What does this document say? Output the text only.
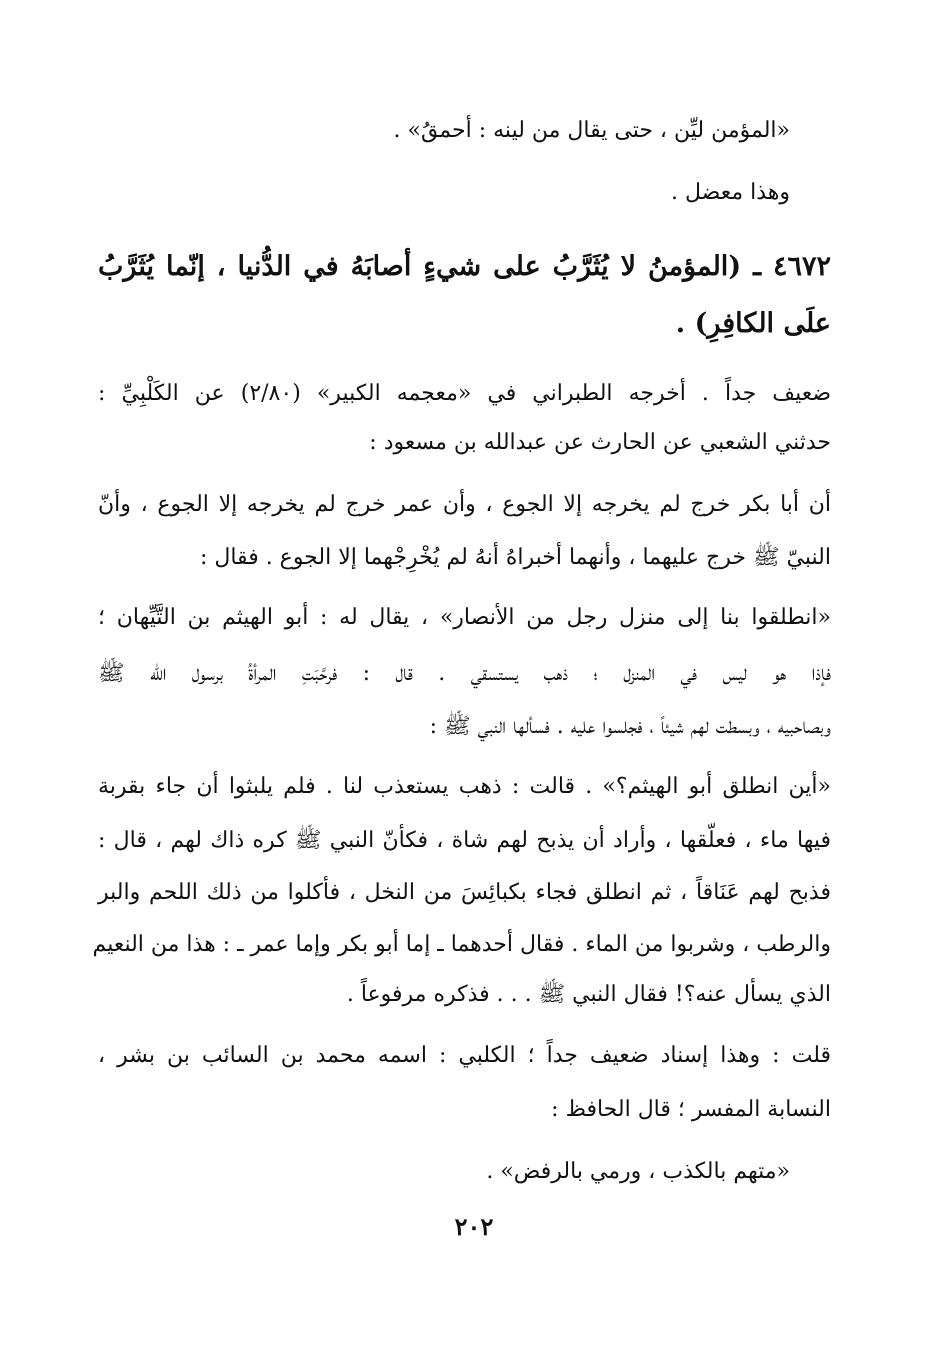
«المؤمن ليِّن ، حتى يقال من لينه : أحمقُ» .

وهذا معضل .

٤٦٧٢ ـ (المؤمنُ لا يُثَرَّبُ على شيءٍ أصابَهُ في الدُّنيا ، إنّما يُثَرَّبُ

علَى الكافِرِ) .

ضعيف جداً . أخرجه الطبراني في «معجمه الكبير» (٢/٨٠) عن الكَلْبِيِّ :

حدثني الشعبي عن الحارث عن عبدالله بن مسعود :

أن أبا بكر خرج لم يخرجه إلا الجوع ، وأن عمر خرج لم يخرجه إلا الجوع ، وأنّ

النبيّ ﷺ خرج عليهما ، وأنهما أخبراهُ أنهُ لم يُخْرِجْهما إلا الجوع . فقال :

«انطلقوا بنا إلى منزل رجل من الأنصار» ، يقال له : أبو الهيثم بن التَّيِّهان ؛

فإذا هو ليس في المنزل ؛ ذهب يستسقي . قال : فرحَّبَتِ المرأةُ برسول الله ﷺ

وبصاحبيه ، وبسطت لهم شيئاً ، فجلسوا عليه . فسألها النبي ﷺ :

«أين انطلق أبو الهيثم؟» . قالت : ذهب يستعذب لنا . فلم يلبثوا أن جاء بقربة

فيها ماء ، فعلّقها ، وأراد أن يذبح لهم شاة ، فكأنّ النبي ﷺ كره ذاك لهم ، قال :

فذبح لهم عَنَاقاً ، ثم انطلق فجاء بكبائِسَ من النخل ، فأكلوا من ذلك اللحم والبر

والرطب ، وشربوا من الماء . فقال أحدهما ـ إما أبو بكر وإما عمر ـ : هذا من النعيم

الذي يسأل عنه؟! فقال النبي ﷺ . . . فذكره مرفوعاً .

قلت : وهذا إسناد ضعيف جداً ؛ الكلبي : اسمه محمد بن السائب بن بشر ،

النسابة المفسر ؛ قال الحافظ :

«متهم بالكذب ، ورمي بالرفض» .

٢٠٢
